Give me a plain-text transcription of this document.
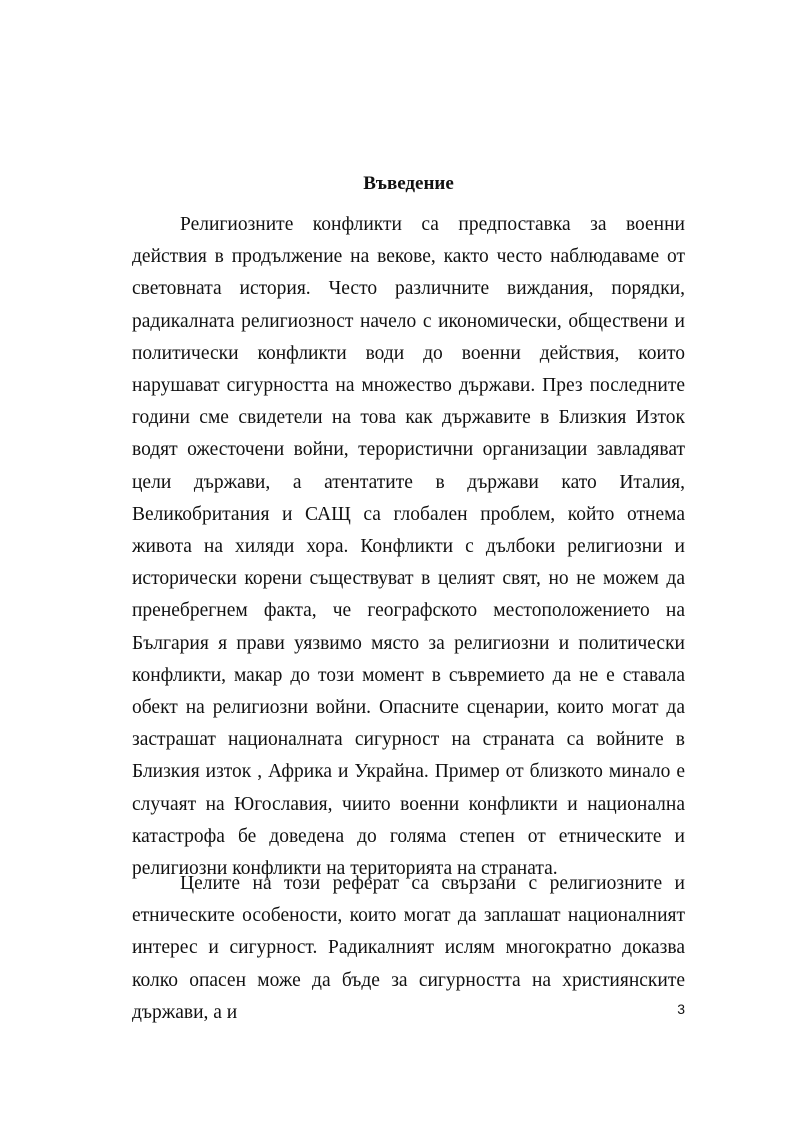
Въведение

Религиозните конфликти са предпоставка за военни действия в продължение на векове, както често наблюдаваме от световната история. Често различните виждания, порядки, радикалната религиозност начело с икономически, обществени и политически конфликти води до военни действия, които нарушават сигурността на множество държави. През последните години сме свидетели на това как държавите в Близкия Изток водят ожесточени войни, терористични организации завладяват цели държави, а атентатите в държави като Италия, Великобритания и САЩ са глобален проблем, който отнема живота на хиляди хора. Конфликти с дълбоки религиозни и исторически корени съществуват в целият свят, но не можем да пренебрегнем факта, че географското местоположението на България я прави уязвимо място за религиозни и политически конфликти, макар до този момент в съвремието да не е ставала обект на религиозни войни. Опасните сценарии, които могат да застрашат националната сигурност на страната са войните в Близкия изток , Африка и Украйна. Пример от близкото минало е случаят на Югославия, чиито военни конфликти и национална катастрофа бе доведена до голяма степен от етническите и религиозни конфликти на територията на страната.

Целите на този реферат са свързани с религиозните и етническите особености, които могат да заплашат националният интерес и сигурност. Радикалният ислям многократно доказва колко опасен може да бъде за сигурността на християнските държави, а и	3
